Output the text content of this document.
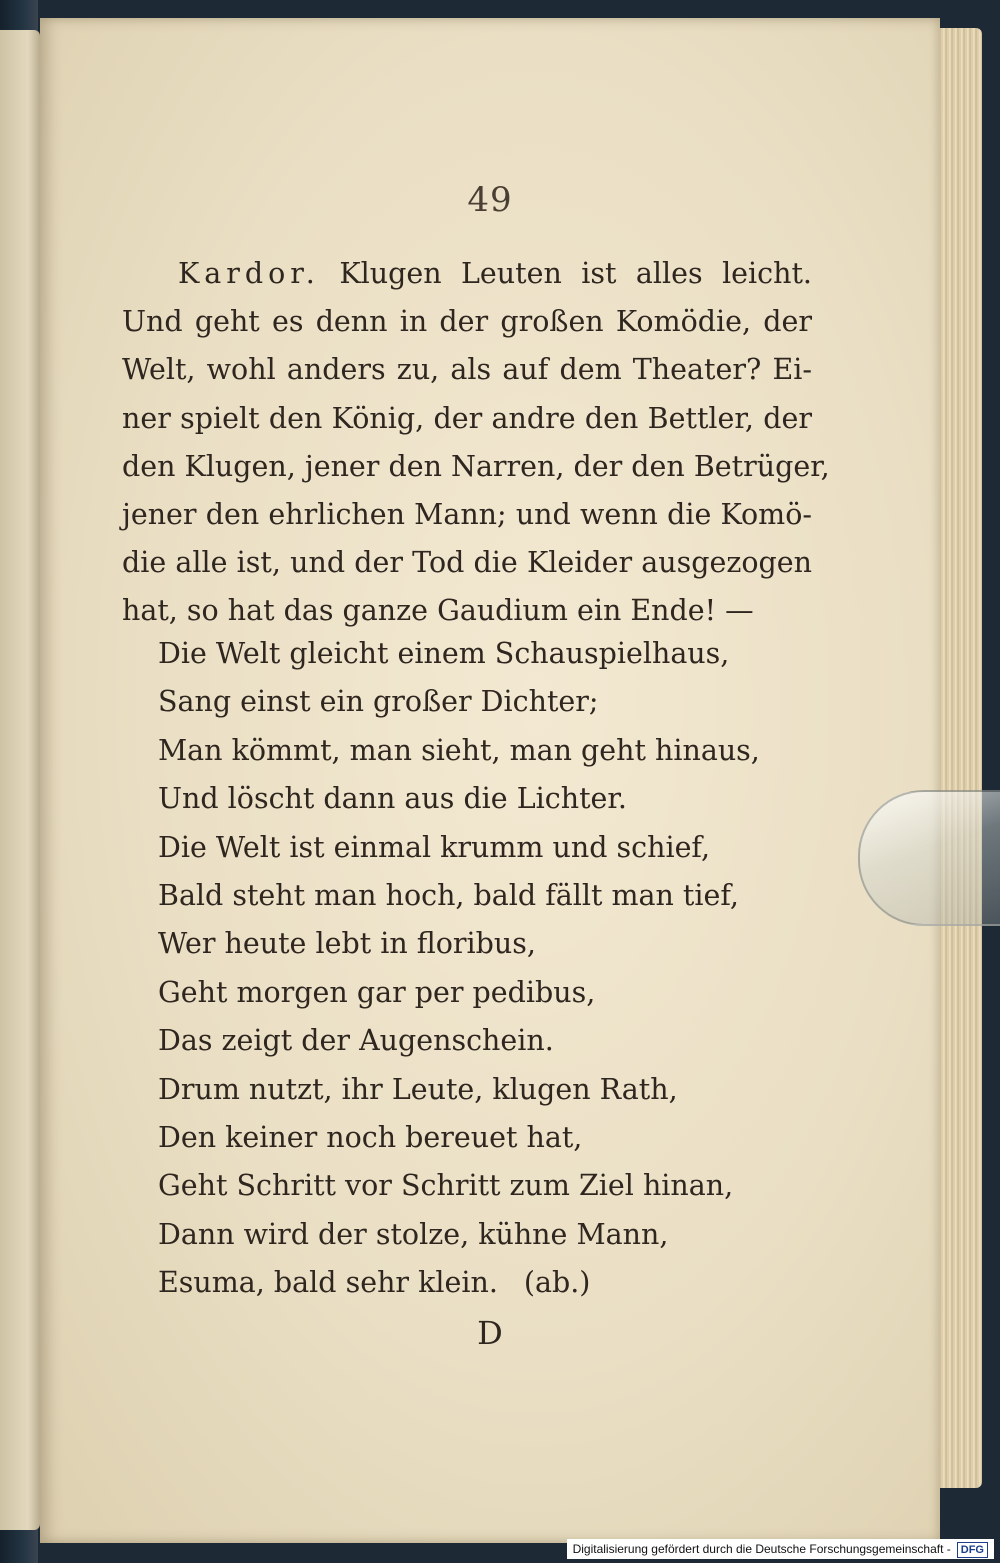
49
Kardor. Klugen Leuten ist alles leicht.
Und geht es denn in der großen Komödie, der
Welt, wohl anders zu, als auf dem Theater? Ei-
ner spielt den König, der andre den Bettler, der
den Klugen, jener den Narren, der den Betrüger,
jener den ehrlichen Mann; und wenn die Komö-
die alle ist, und der Tod die Kleider ausgezogen
hat, so hat das ganze Gaudium ein Ende! —
Die Welt gleicht einem Schauspielhaus,
Sang einst ein großer Dichter;
Man kömmt, man sieht, man geht hinaus,
Und löscht dann aus die Lichter.
Die Welt ist einmal krumm und schief,
Bald steht man hoch, bald fällt man tief,
Wer heute lebt in floribus,
Geht morgen gar per pedibus,
Das zeigt der Augenschein.
Drum nutzt, ihr Leute, klugen Rath,
Den keiner noch bereuet hat,
Geht Schritt vor Schritt zum Ziel hinan,
Dann wird der stolze, kühne Mann,
Esuma, bald sehr klein. (ab.)
D
Digitalisierung gefördert durch die Deutsche Forschungsgemeinschaft - DFG
